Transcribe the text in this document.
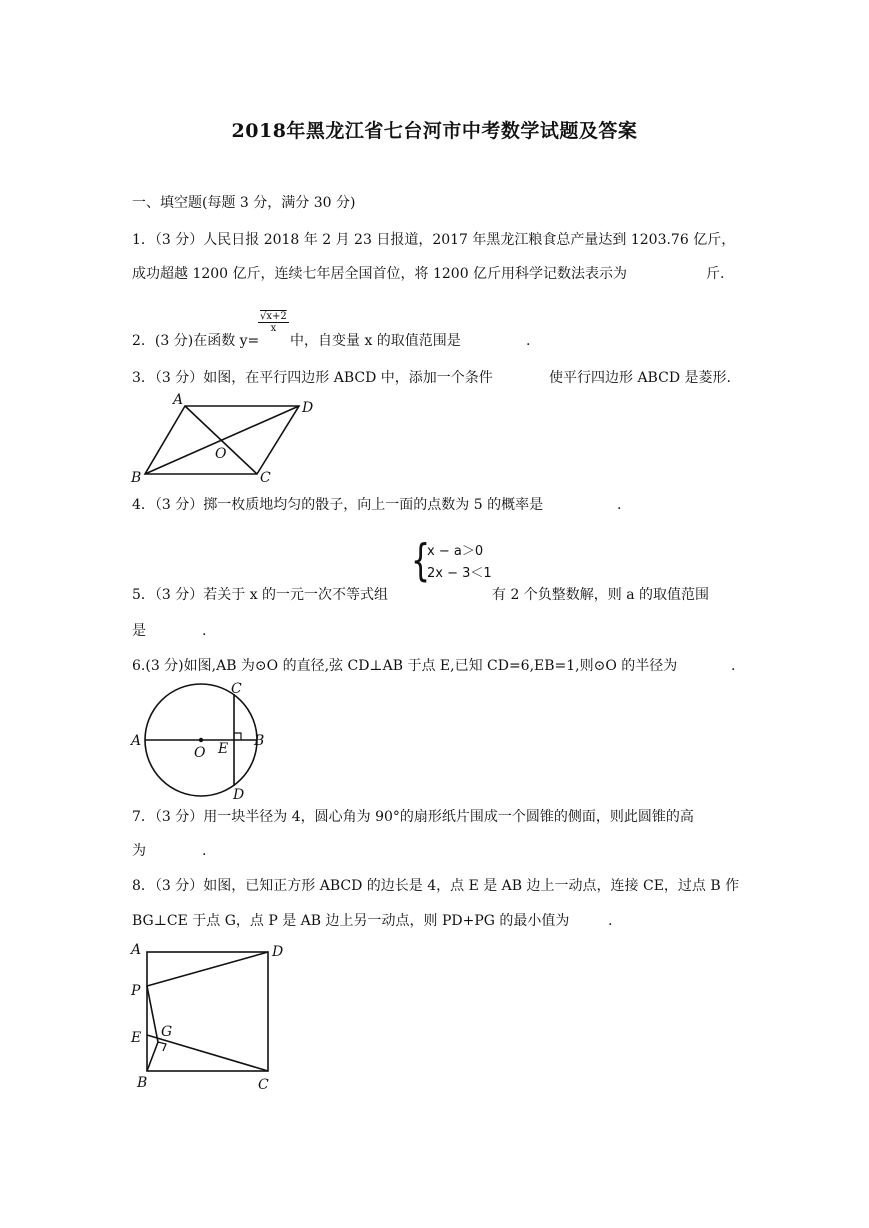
2018年黑龙江省七台河市中考数学试题及答案
一、填空题(每题 3 分，满分 30 分)
1．（3 分）人民日报 2018 年 2 月 23 日报道，2017 年黑龙江粮食总产量达到 1203.76 亿斤，
成功超越 1200 亿斤，连续七年居全国首位，将 1200 亿斤用科学记数法表示为	斤.
2．(3 分)在函数 y=
$\frac{√x+2}{x}$
中，自变量 x 的取值范围是	.
3．（3 分）如图，在平行四边形 ABCD 中，添加一个条件	使平行四边形 ABCD 是菱形.
A	D
B	C
O
4．（3 分）掷一枚质地均匀的骰子，向上一面的点数为 5 的概率是	.
{
x − a＞0
2x − 3＜1
5．（3 分）若关于 x 的一元一次不等式组	有 2 个负整数解，则 a 的取值范围
是	.
6.(3 分)如图,AB 为⊙O 的直径,弦 CD⊥AB 于点 E,已知 CD=6,EB=1,则⊙O 的半径为	.
A	B
C
D
E
O
7．（3 分）用一块半径为 4，圆心角为 90°的扇形纸片围成一个圆锥的侧面，则此圆锥的高
为	.
8．（3 分）如图，已知正方形 ABCD 的边长是 4，点 E 是 AB 边上一动点，连接 CE，过点 B 作
BG⊥CE 于点 G，点 P 是 AB 边上另一动点，则 PD+PG 的最小值为	.
A	D
P
E G
B	C
